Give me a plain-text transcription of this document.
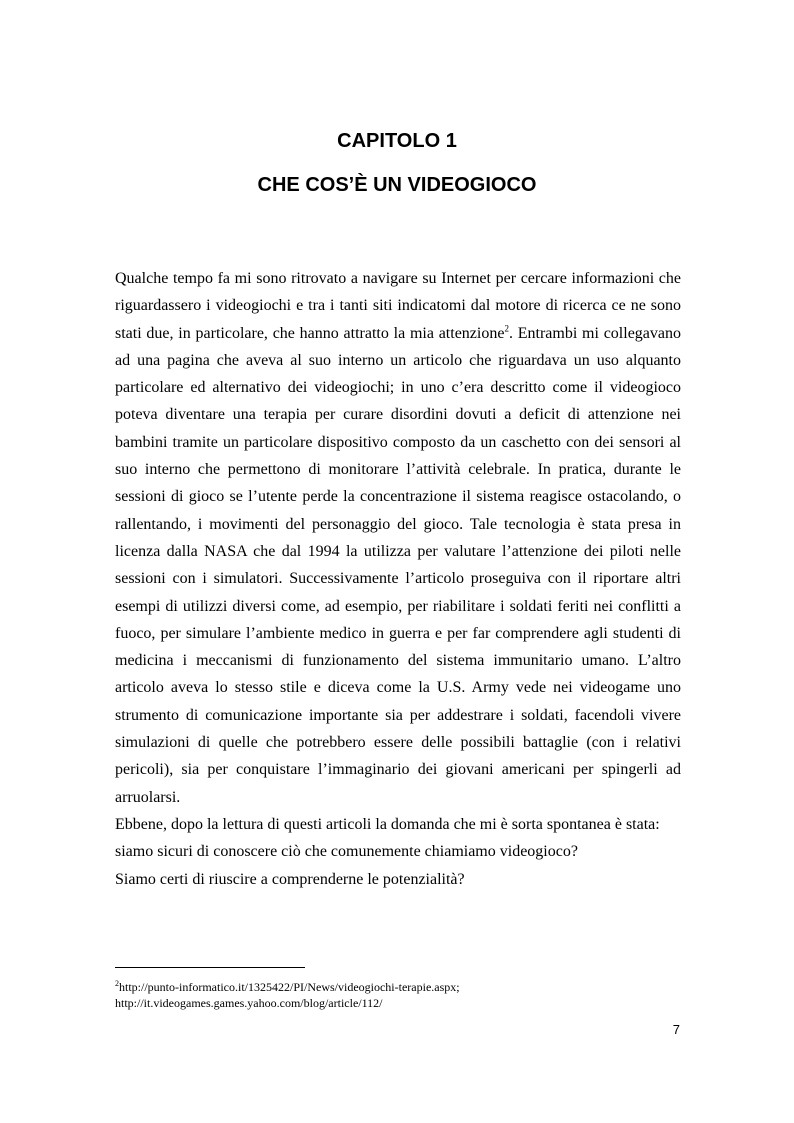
CAPITOLO 1
CHE COS’È UN VIDEOGIOCO

Qualche tempo fa mi sono ritrovato a navigare su Internet per cercare informazioni che riguardassero i videogiochi e tra i tanti siti indicatomi dal motore di ricerca ce ne sono stati due, in particolare, che hanno attratto la mia attenzione$^2$. Entrambi mi collegavano ad una pagina che aveva al suo interno un articolo che riguardava un uso alquanto particolare ed alternativo dei videogiochi; in uno c’era descritto come il videogioco poteva diventare una terapia per curare disordini dovuti a deficit di attenzione nei bambini tramite un particolare dispositivo composto da un caschetto con dei sensori al suo interno che permettono di monitorare l’attività celebrale. In pratica, durante le sessioni di gioco se l’utente perde la concentrazione il sistema reagisce ostacolando, o rallentando, i movimenti del personaggio del gioco. Tale tecnologia è stata presa in licenza dalla NASA che dal 1994 la utilizza per valutare l’attenzione dei piloti nelle sessioni con i simulatori. Successivamente l’articolo proseguiva con il riportare altri esempi di utilizzi diversi come, ad esempio, per riabilitare i soldati feriti nei conflitti a fuoco, per simulare l’ambiente medico in guerra e per far comprendere agli studenti di medicina i meccanismi di funzionamento del sistema immunitario umano. L’altro articolo aveva lo stesso stile e diceva come la U.S. Army vede nei videogame uno strumento di comunicazione importante sia per addestrare i soldati, facendoli vivere simulazioni di quelle che potrebbero essere delle possibili battaglie (con i relativi pericoli), sia per conquistare l’immaginario dei giovani americani per spingerli ad arruolarsi.

Ebbene, dopo la lettura di questi articoli la domanda che mi è sorta spontanea è stata:

siamo sicuri di conoscere ciò che comunemente chiamiamo videogioco?

Siamo certi di riuscire a comprenderne le potenzialità?

$^2$http://punto-informatico.it/1325422/PI/News/videogiochi-terapie.aspx;
http://it.videogames.games.yahoo.com/blog/article/112/
7
